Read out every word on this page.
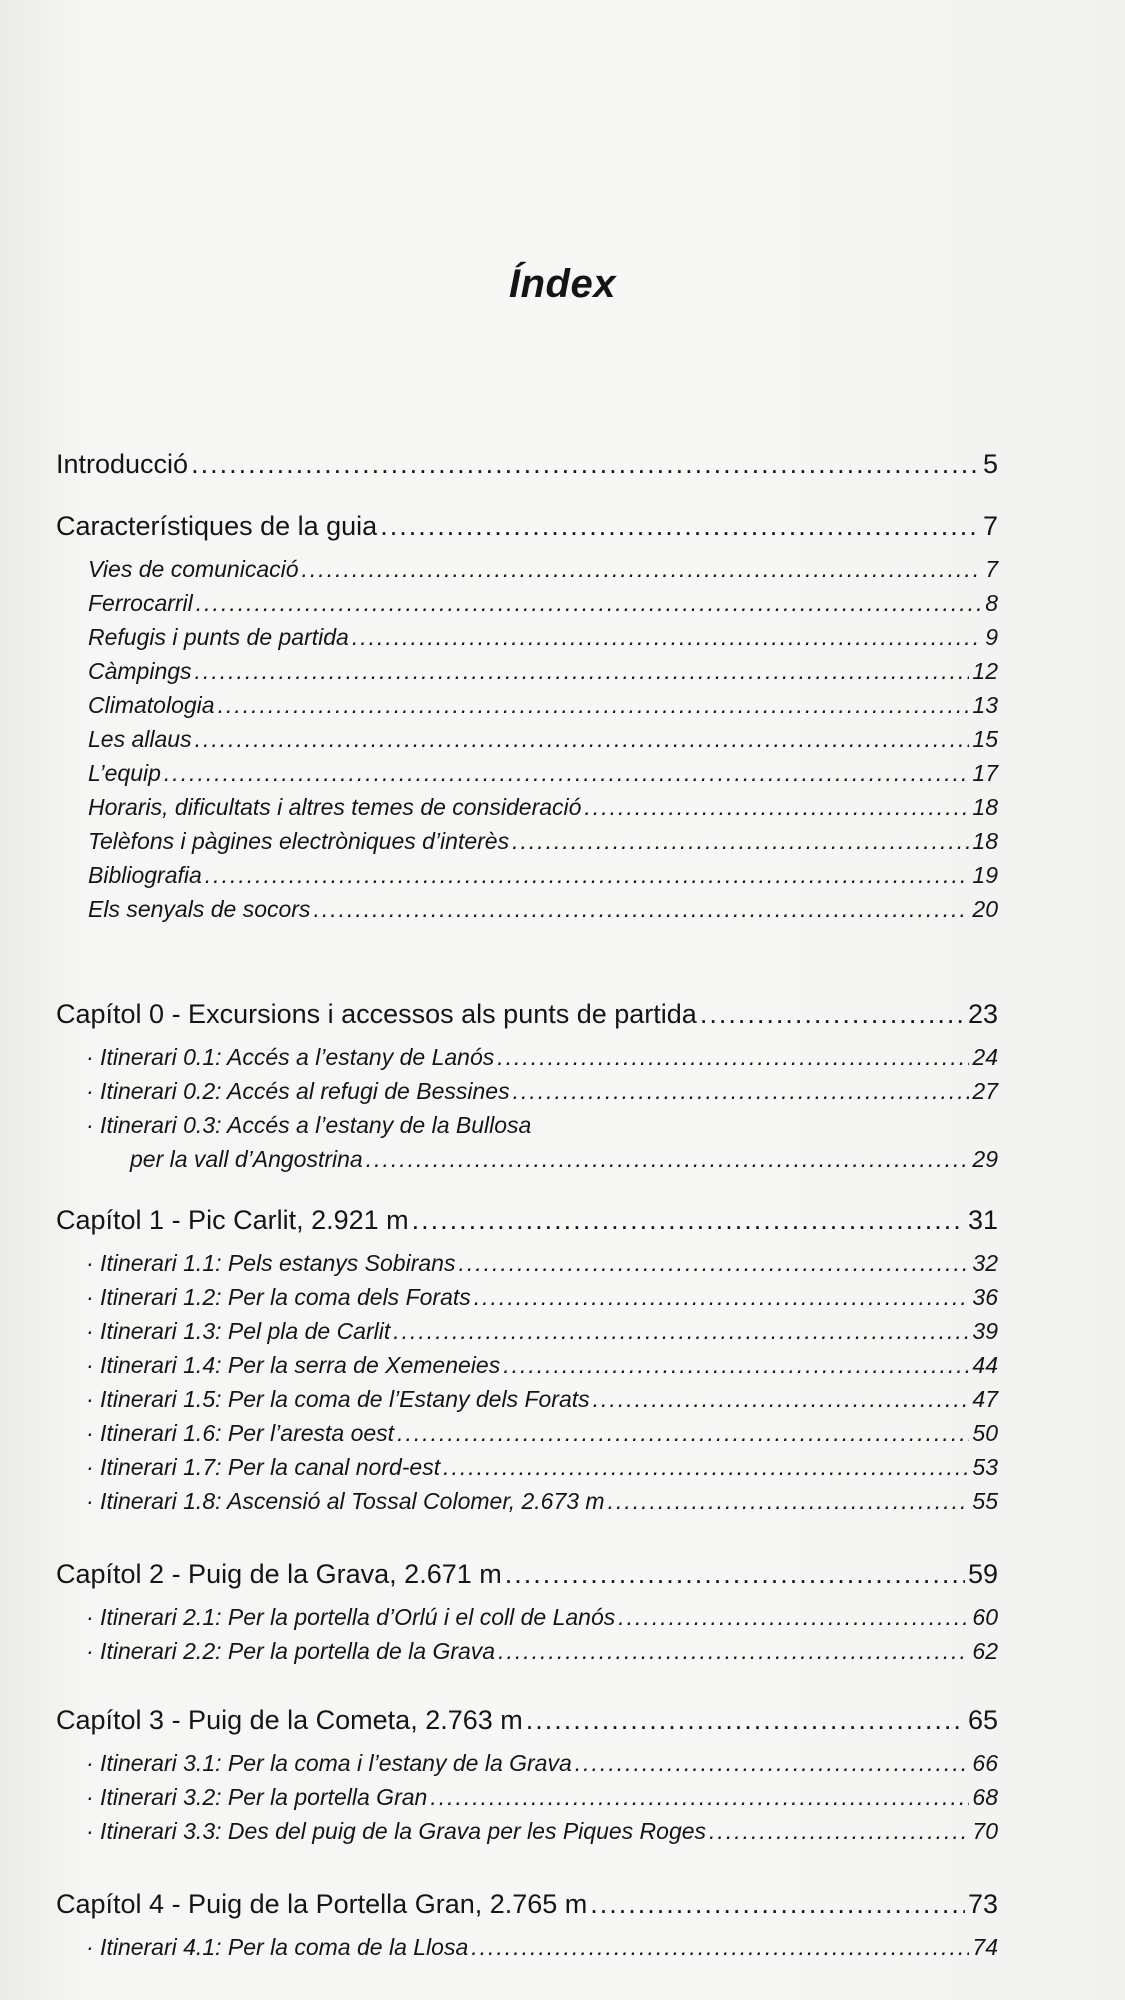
Índex
Introducció .....	5
Característiques de la guia .....	7
Vies de comunicació .....	7
Ferrocarril .....	8
Refugis i punts de partida .....	9
Càmpings .....	12
Climatologia .....	13
Les allaus .....	15
L’equip .....	17
Horaris, dificultats i altres temes de consideració .....	18
Telèfons i pàgines electròniques d’interès .....	18
Bibliografia .....	19
Els senyals de socors .....	20
Capítol 0 - Excursions i accessos als punts de partida .....	23
· Itinerari 0.1: Accés a l’estany de Lanós .....	24
· Itinerari 0.2: Accés al refugi de Bessines .....	27
· Itinerari 0.3: Accés a l’estany de la Bullosa
per la vall d’Angostrina .....	29
Capítol 1 - Pic Carlit, 2.921 m .....	31
· Itinerari 1.1: Pels estanys Sobirans .....	32
· Itinerari 1.2: Per la coma dels Forats .....	36
· Itinerari 1.3: Pel pla de Carlit .....	39
· Itinerari 1.4: Per la serra de Xemeneies .....	44
· Itinerari 1.5: Per la coma de l’Estany dels Forats .....	47
· Itinerari 1.6: Per l’aresta oest .....	50
· Itinerari 1.7: Per la canal nord-est .....	53
· Itinerari 1.8: Ascensió al Tossal Colomer, 2.673 m .....	55
Capítol 2 - Puig de la Grava, 2.671 m .....	59
· Itinerari 2.1: Per la portella d’Orlú i el coll de Lanós .....	60
· Itinerari 2.2: Per la portella de la Grava .....	62
Capítol 3 - Puig de la Cometa, 2.763 m .....	65
· Itinerari 3.1: Per la coma i l’estany de la Grava .....	66
· Itinerari 3.2: Per la portella Gran .....	68
· Itinerari 3.3: Des del puig de la Grava per les Piques Roges .....	70
Capítol 4 - Puig de la Portella Gran, 2.765 m .....	73
· Itinerari 4.1: Per la coma de la Llosa .....	74
